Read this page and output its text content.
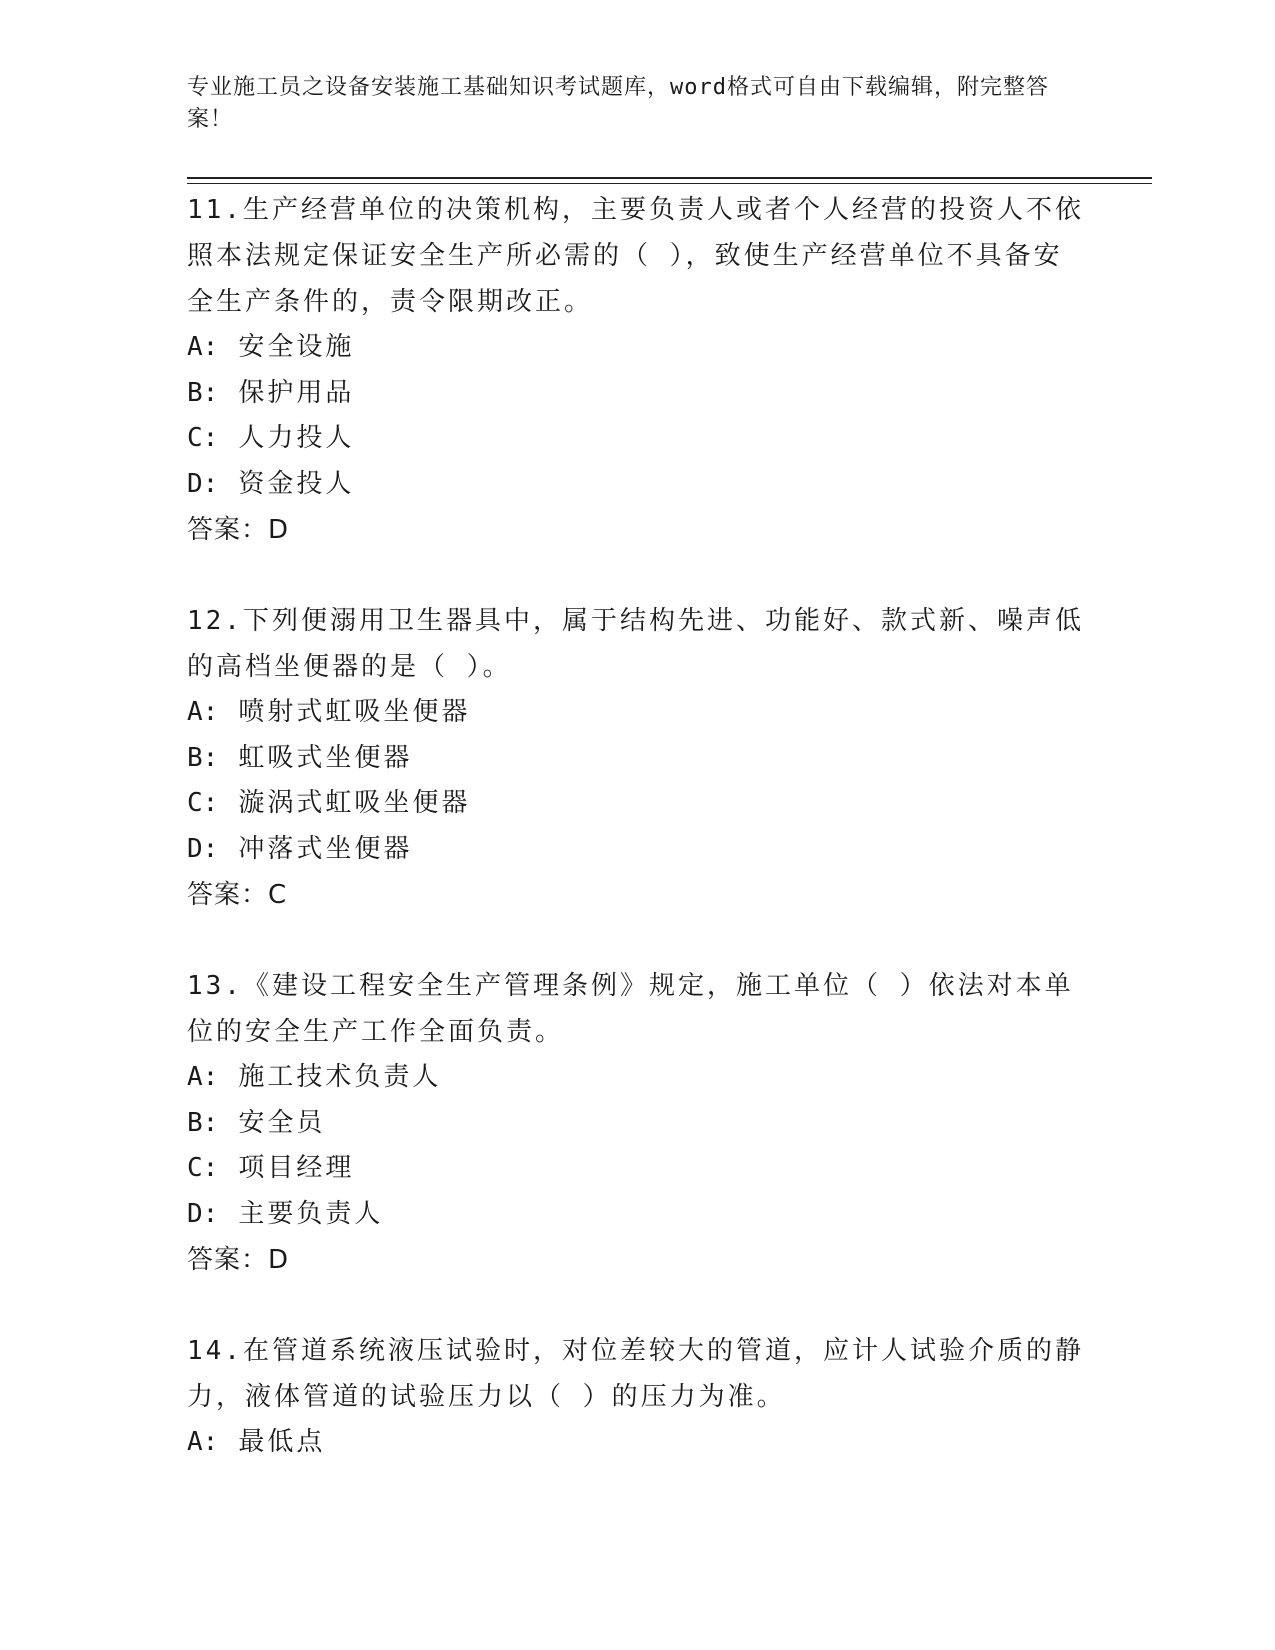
专业施工员之设备安装施工基础知识考试题库，word格式可自由下载编辑，附完整答案！

11.生产经营单位的决策机构，主要负责人或者个人经营的投资人不依照本法规定保证安全生产所必需的（ ），致使生产经营单位不具备安全生产条件的，责令限期改正。

A: 安全设施

B: 保护用品

C: 人力投人

D: 资金投人

答案：D

12.下列便溺用卫生器具中，属于结构先进、功能好、款式新、噪声低的高档坐便器的是（ ）。

A: 喷射式虹吸坐便器

B: 虹吸式坐便器

C: 漩涡式虹吸坐便器

D: 冲落式坐便器

答案：C

13.《建设工程安全生产管理条例》规定，施工单位（ ）依法对本单位的安全生产工作全面负责。

A: 施工技术负责人

B: 安全员

C: 项目经理

D: 主要负责人

答案：D

14.在管道系统液压试验时，对位差较大的管道，应计人试验介质的静力，液体管道的试验压力以（ ）的压力为准。

A: 最低点
